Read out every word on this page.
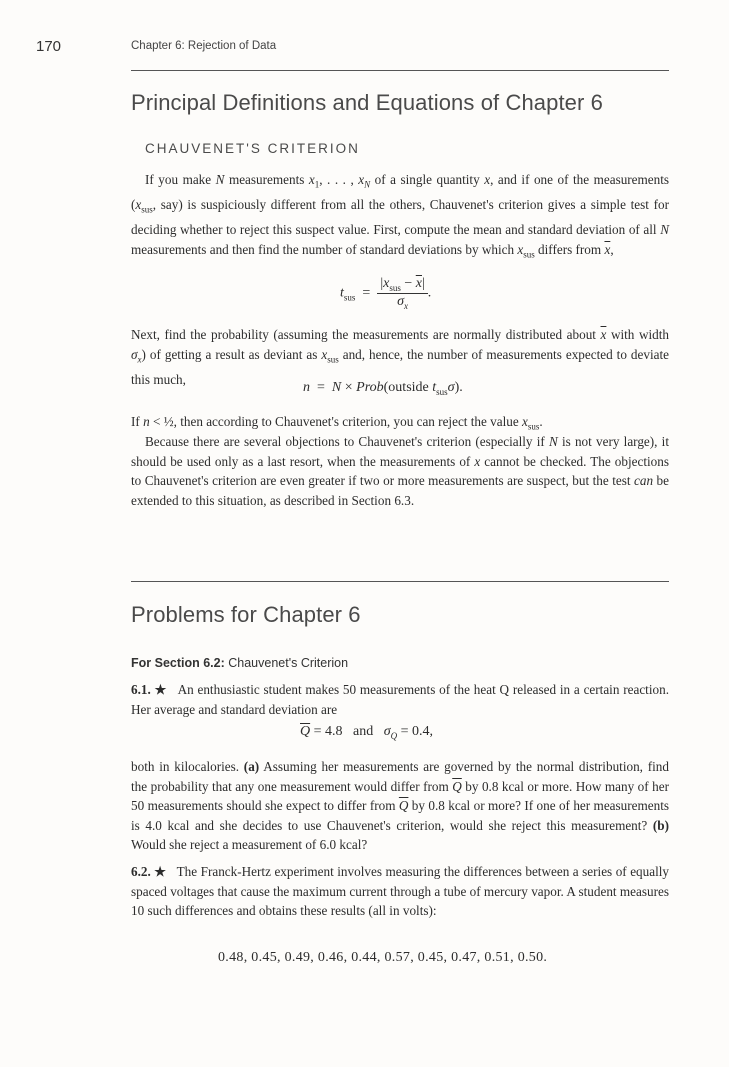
170	Chapter 6: Rejection of Data
Principal Definitions and Equations of Chapter 6
CHAUVENET'S CRITERION

If you make N measurements $x_1$, . . . , $x_N$ of a single quantity x, and if one of the measurements ($x_{sus}$, say) is suspiciously different from all the others, Chauvenet's criterion gives a simple test for deciding whether to reject this suspect value. First, compute the mean and standard deviation of all N measurements and then find the number of standard deviations by which $x_{sus}$ differs from $\overline{x}$,

$t_{sus} = \frac{|x_{sus} - \overline{x}|}{\sigma_x}$ .

Next, find the probability (assuming the measurements are normally distributed about $\overline{x}$ with width $\sigma_x$) of getting a result as deviant as $x_{sus}$ and, hence, the number of measurements expected to deviate this much,

n  =  N × Prob(outside $t_{sus}\sigma$).

If n < ½, then according to Chauvenet's criterion, you can reject the value $x_{sus}$.

Because there are several objections to Chauvenet's criterion (especially if N is not very large), it should be used only as a last resort, when the measurements of x cannot be checked. The objections to Chauvenet's criterion are even greater if two or more measurements are suspect, but the test can be extended to this situation, as described in Section 6.3.

Problems for Chapter 6
For Section 6.2: Chauvenet's Criterion

6.1. ★ An enthusiastic student makes 50 measurements of the heat Q released in a certain reaction. Her average and standard deviation are

$\overline{Q} = 4.8$ and $\sigma_Q = 0.4$,

both in kilocalories. (a) Assuming her measurements are governed by the normal distribution, find the probability that any one measurement would differ from $\overline{Q}$ by 0.8 kcal or more. How many of her 50 measurements should she expect to differ from $\overline{Q}$ by 0.8 kcal or more? If one of her measurements is 4.0 kcal and she decides to use Chauvenet's criterion, would she reject this measurement? (b) Would she reject a measurement of 6.0 kcal?

6.2. ★ The Franck-Hertz experiment involves measuring the differences between a series of equally spaced voltages that cause the maximum current through a tube of mercury vapor. A student measures 10 such differences and obtains these results (all in volts):

0.48, 0.45, 0.49, 0.46, 0.44, 0.57, 0.45, 0.47, 0.51, 0.50.
